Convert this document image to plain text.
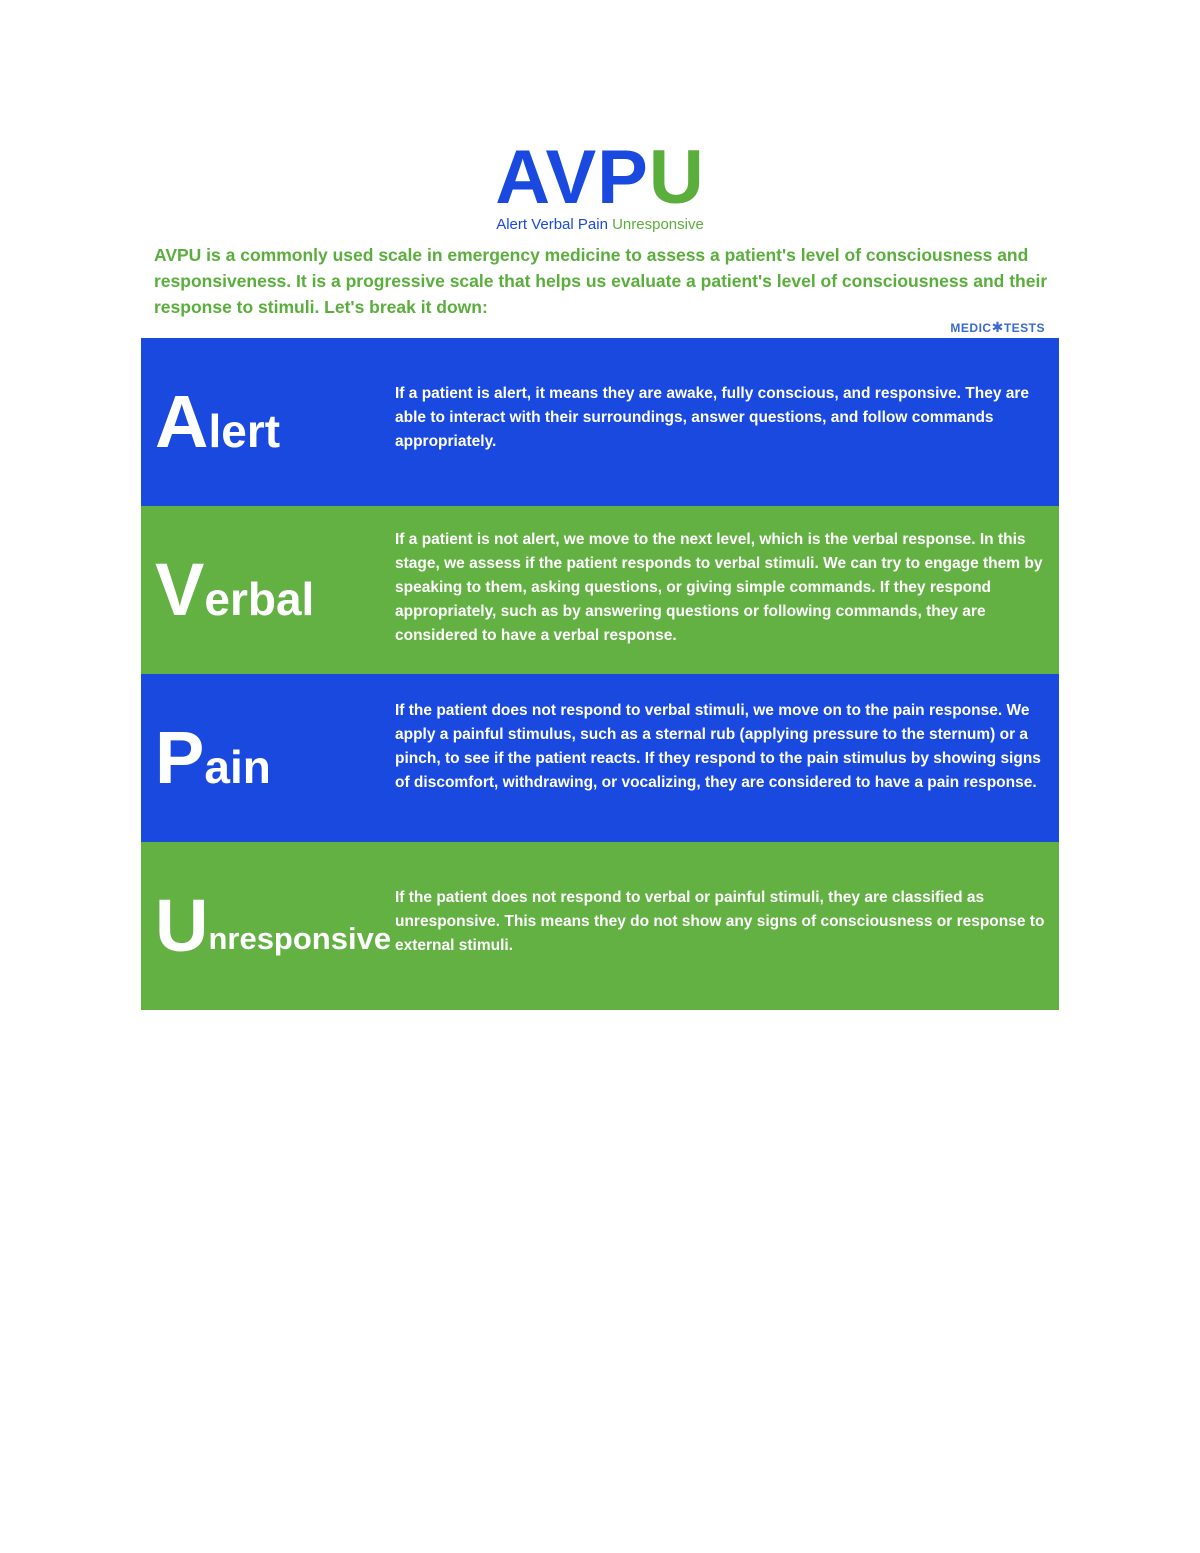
AVPU
Alert Verbal Pain Unresponsive
AVPU is a commonly used scale in emergency medicine to assess a patient's level of consciousness and responsiveness. It is a progressive scale that helps us evaluate a patient's level of consciousness and their response to stimuli. Let's break it down:
MEDIC✱TESTS
A lert
If a patient is alert, it means they are awake, fully conscious, and responsive. They are able to interact with their surroundings, answer questions, and follow commands appropriately.
V erbal
If a patient is not alert, we move to the next level, which is the verbal response. In this stage, we assess if the patient responds to verbal stimuli. We can try to engage them by speaking to them, asking questions, or giving simple commands. If they respond appropriately, such as by answering questions or following commands, they are considered to have a verbal response.
P ain
If the patient does not respond to verbal stimuli, we move on to the pain response. We apply a painful stimulus, such as a sternal rub (applying pressure to the sternum) or a pinch, to see if the patient reacts. If they respond to the pain stimulus by showing signs of discomfort, withdrawing, or vocalizing, they are considered to have a pain response.
U nresponsive
If the patient does not respond to verbal or painful stimuli, they are classified as unresponsive. This means they do not show any signs of consciousness or response to external stimuli.
